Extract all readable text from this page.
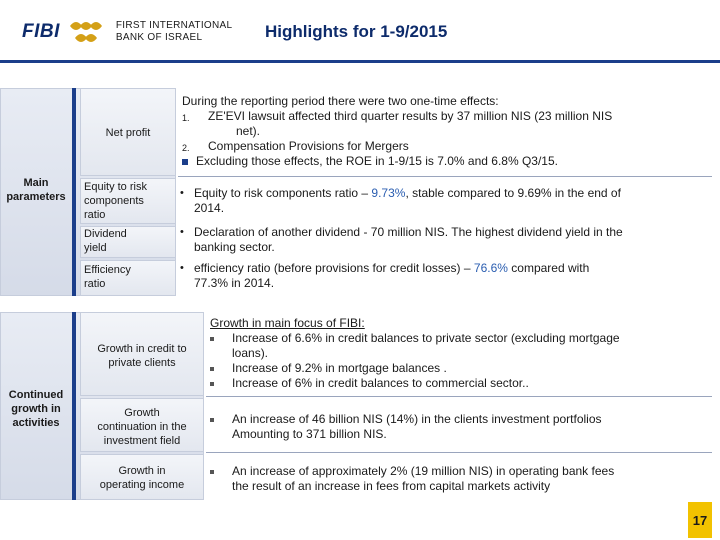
FIBI	FIRST INTERNATIONAL
BANK OF ISRAEL	Highlights for 1-9/2015
Main
parameters
Net profit
Equity to risk
components
ratio
Dividend
yield
Efficiency
ratio
During the reporting period there were two one-time effects:
1. ZE'EVI lawsuit affected third quarter results by 37 million NIS (23 million NIS
net).
2. Compensation Provisions for Mergers
Excluding those effects, the ROE in 1-9/15 is 7.0% and 6.8% Q3/15.
• Equity to risk components ratio – 9.73%, stable compared to 9.69% in the end of
2014.
• Declaration of another dividend - 70 million NIS. The highest dividend yield in the
banking sector.
• efficiency ratio (before provisions for credit losses) – 76.6% compared with
77.3% in 2014.
Continued
growth in
activities
Growth in credit to
private clients
Growth
continuation in the
investment field
Growth in
operating income
Growth in main focus of FIBI:
Increase of 6.6% in credit balances to private sector (excluding mortgage
loans).
Increase of 9.2% in mortgage balances .
Increase of 6% in credit balances to commercial sector..
An increase of 46 billion NIS (14%) in the clients investment portfolios
Amounting to 371 billion NIS.
An increase of approximately 2% (19 million NIS) in operating bank fees
the result of an increase in fees from capital markets activity
17
